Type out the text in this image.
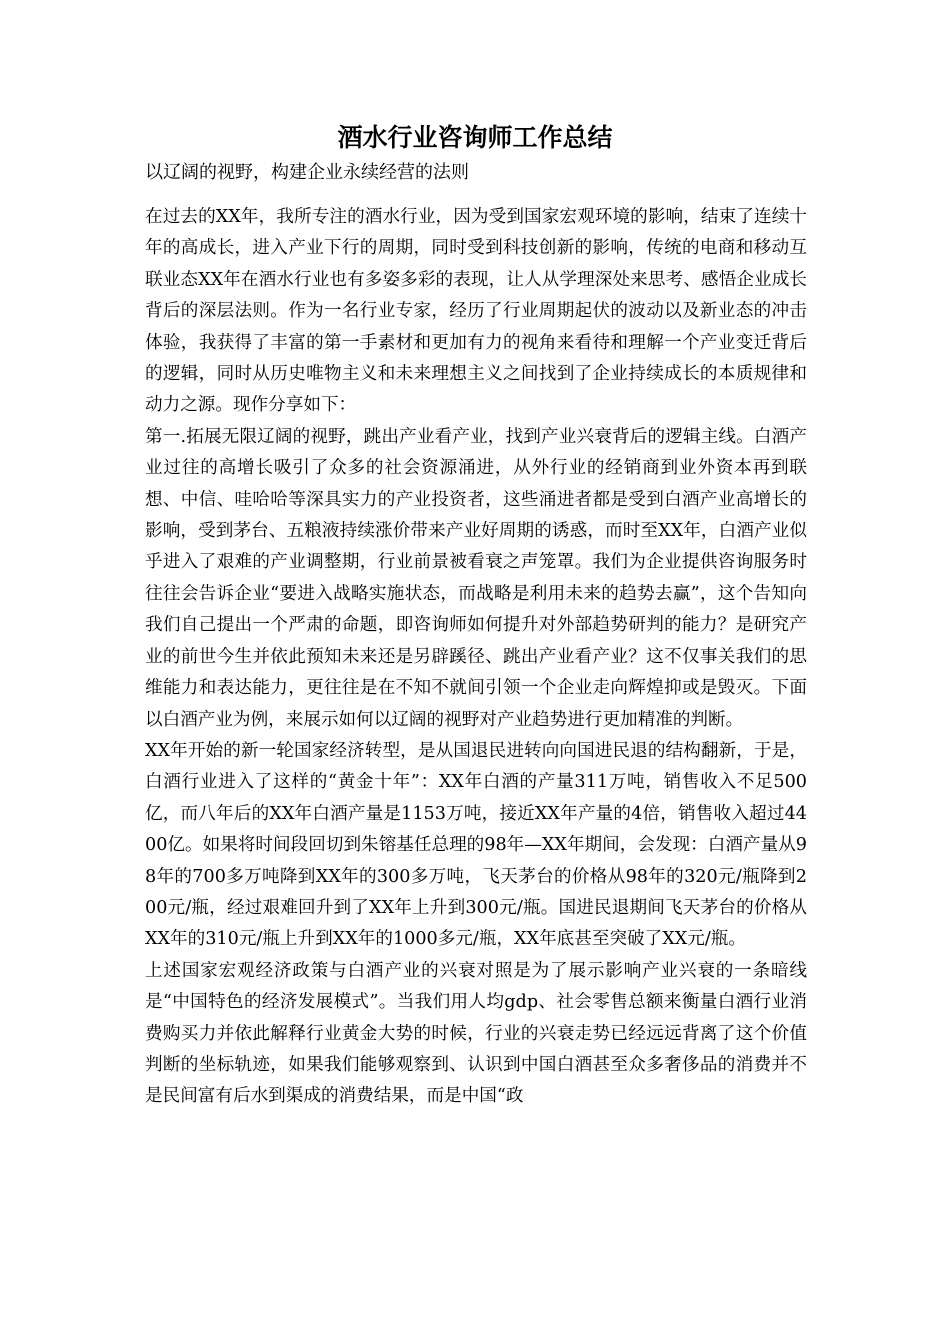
酒水行业咨询师工作总结
以辽阔的视野，构建企业永续经营的法则

在过去的XX年，我所专注的酒水行业，因为受到国家宏观环境的影响，结束了连续十年的高成长，进入产业下行的周期，同时受到科技创新的影响，传统的电商和移动互联业态XX年在酒水行业也有多姿多彩的表现，让人从学理深处来思考、感悟企业成长背后的深层法则。作为一名行业专家，经历了行业周期起伏的波动以及新业态的冲击体验，我获得了丰富的第一手素材和更加有力的视角来看待和理解一个产业变迁背后的逻辑，同时从历史唯物主义和未来理想主义之间找到了企业持续成长的本质规律和动力之源。现作分享如下：

第一.拓展无限辽阔的视野，跳出产业看产业，找到产业兴衰背后的逻辑主线。白酒产业过往的高增长吸引了众多的社会资源涌进，从外行业的经销商到业外资本再到联想、中信、哇哈哈等深具实力的产业投资者，这些涌进者都是受到白酒产业高增长的影响，受到茅台、五粮液持续涨价带来产业好周期的诱惑，而时至XX年，白酒产业似乎进入了艰难的产业调整期，行业前景被看衰之声笼罩。我们为企业提供咨询服务时往往会告诉企业“要进入战略实施状态，而战略是利用未来的趋势去赢”，这个告知向我们自己提出一个严肃的命题，即咨询师如何提升对外部趋势研判的能力？是研究产业的前世今生并依此预知未来还是另辟蹊径、跳出产业看产业？这不仅事关我们的思维能力和表达能力，更往往是在不知不就间引领一个企业走向辉煌抑或是毁灭。下面以白酒产业为例，来展示如何以辽阔的视野对产业趋势进行更加精准的判断。

XX年开始的新一轮国家经济转型，是从国退民进转向向国进民退的结构翻新，于是，白酒行业进入了这样的“黄金十年”：XX年白酒的产量311万吨，销售收入不足500亿，而八年后的XX年白酒产量是1153万吨，接近XX年产量的4倍，销售收入超过4400亿。如果将时间段回切到朱镕基任总理的98年—XX年期间，会发现：白酒产量从98年的700多万吨降到XX年的300多万吨，飞天茅台的价格从98年的320元/瓶降到200元/瓶，经过艰难回升到了XX年上升到300元/瓶。国进民退期间飞天茅台的价格从XX年的310元/瓶上升到XX年的1000多元/瓶，XX年底甚至突破了XX元/瓶。

上述国家宏观经济政策与白酒产业的兴衰对照是为了展示影响产业兴衰的一条暗线是“中国特色的经济发展模式”。当我们用人均gdp、社会零售总额来衡量白酒行业消费购买力并依此解释行业黄金大势的时候，行业的兴衰走势已经远远背离了这个价值判断的坐标轨迹，如果我们能够观察到、认识到中国白酒甚至众多奢侈品的消费并不是民间富有后水到渠成的消费结果，而是中国“政
